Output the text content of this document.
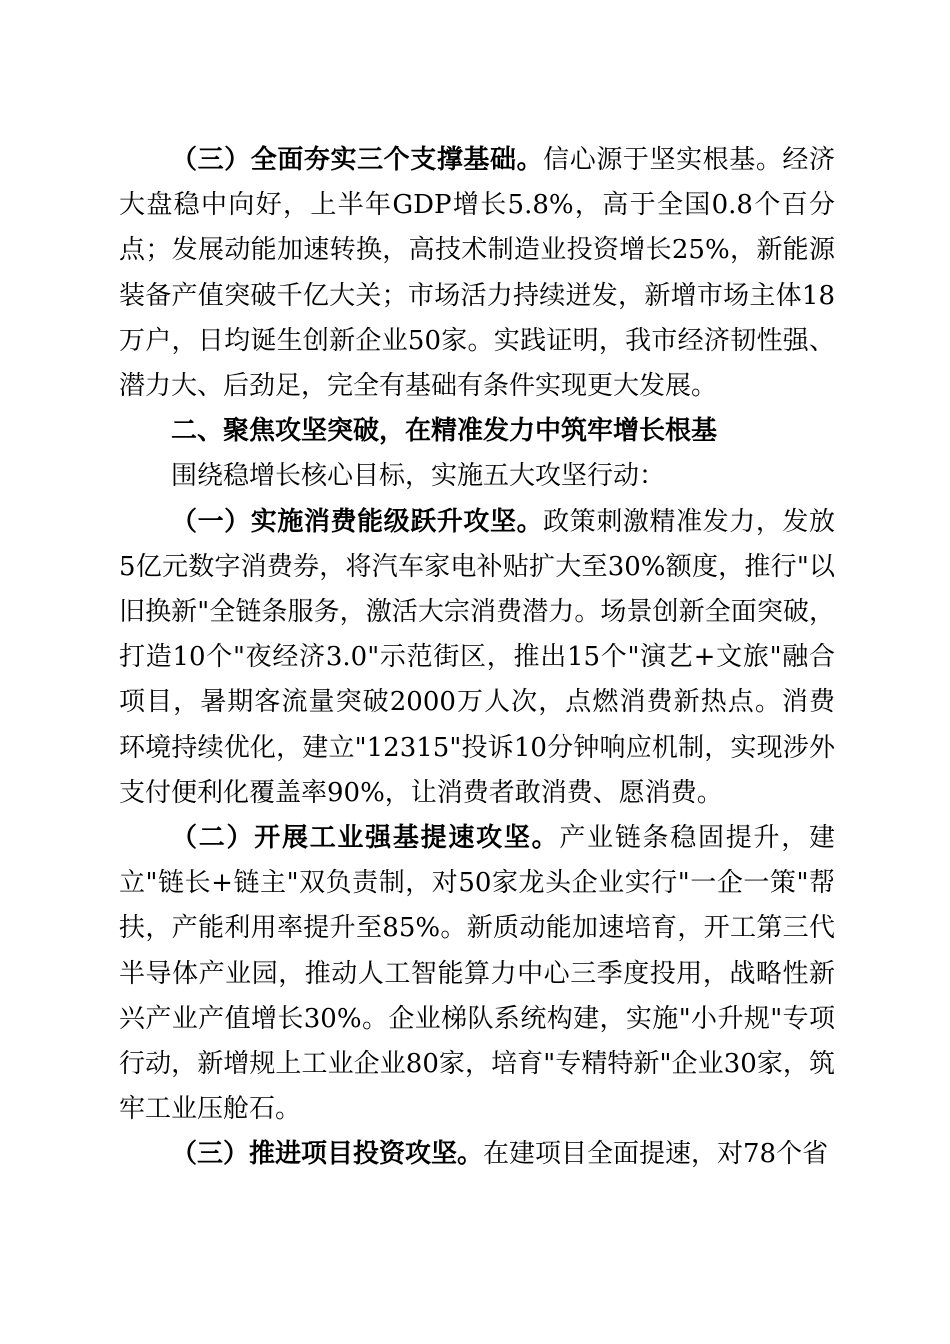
（三）全面夯实三个支撑基础。信心源于坚实根基。经济大盘稳中向好，上半年GDP增长5.8%，高于全国0.8个百分点；发展动能加速转换，高技术制造业投资增长25%，新能源装备产值突破千亿大关；市场活力持续迸发，新增市场主体18万户，日均诞生创新企业50家。实践证明，我市经济韧性强、潜力大、后劲足，完全有基础有条件实现更大发展。

二、聚焦攻坚突破，在精准发力中筑牢增长根基

围绕稳增长核心目标，实施五大攻坚行动：

（一）实施消费能级跃升攻坚。政策刺激精准发力，发放5亿元数字消费券，将汽车家电补贴扩大至30%额度，推行"以旧换新"全链条服务，激活大宗消费潜力。场景创新全面突破，打造10个"夜经济3.0"示范街区，推出15个"演艺+文旅"融合项目，暑期客流量突破2000万人次，点燃消费新热点。消费环境持续优化，建立"12315"投诉10分钟响应机制，实现涉外支付便利化覆盖率90%，让消费者敢消费、愿消费。

（二）开展工业强基提速攻坚。产业链条稳固提升，建立"链长+链主"双负责制，对50家龙头企业实行"一企一策"帮扶，产能利用率提升至85%。新质动能加速培育，开工第三代半导体产业园，推动人工智能算力中心三季度投用，战略性新兴产业产值增长30%。企业梯队系统构建，实施"小升规"专项行动，新增规上工业企业80家，培育"专精特新"企业30家，筑牢工业压舱石。

（三）推进项目投资攻坚。在建项目全面提速，对78个省
